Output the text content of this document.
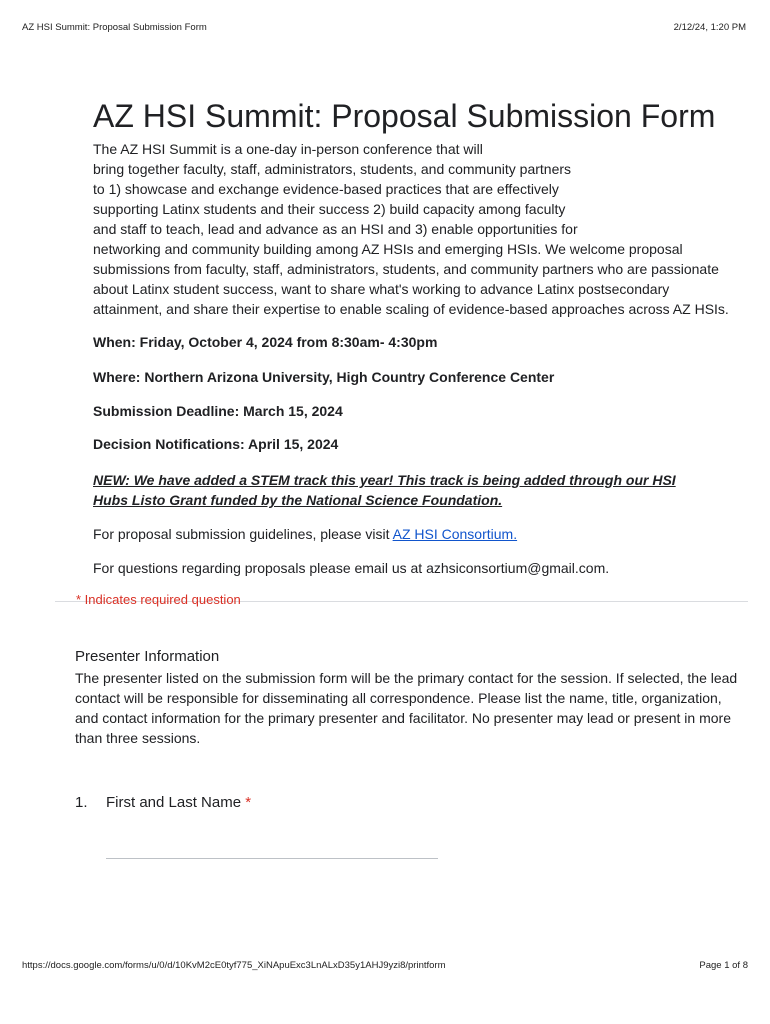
AZ HSI Summit: Proposal Submission Form	2/12/24, 1:20 PM
AZ HSI Summit: Proposal Submission Form
The AZ HSI Summit is a one-day in-person conference that will
bring together faculty, staff, administrators, students, and community partners
to 1) showcase and exchange evidence-based practices that are effectively
supporting Latinx students and their success 2) build capacity among faculty
and staff to teach, lead and advance as an HSI and 3) enable opportunities for
networking and community building among AZ HSIs and emerging HSIs. We welcome proposal
submissions from faculty, staff, administrators, students, and community partners who are passionate
about Latinx student success, want to share what's working to advance Latinx postsecondary
attainment, and share their expertise to enable scaling of evidence-based approaches across AZ HSIs.
When: Friday, October 4, 2024 from 8:30am- 4:30pm
Where: Northern Arizona University, High Country Conference Center
Submission Deadline: March 15, 2024
Decision Notifications: April 15, 2024
NEW: We have added a STEM track this year! This track is being added through our HSI
Hubs Listo Grant funded by the National Science Foundation.
For proposal submission guidelines, please visit AZ HSI Consortium.
For questions regarding proposals please email us at azhsiconsortium@gmail.com.
* Indicates required question
Presenter Information
The presenter listed on the submission form will be the primary contact for the session. If selected, the lead
contact will be responsible for disseminating all correspondence. Please list the name, title, organization,
and contact information for the primary presenter and facilitator. No presenter may lead or present in more
than three sessions.
1. First and Last Name *
https://docs.google.com/forms/u/0/d/10KvM2cE0tyf775_XiNApuExc3LnALxD35y1AHJ9yzi8/printform	Page 1 of 8
